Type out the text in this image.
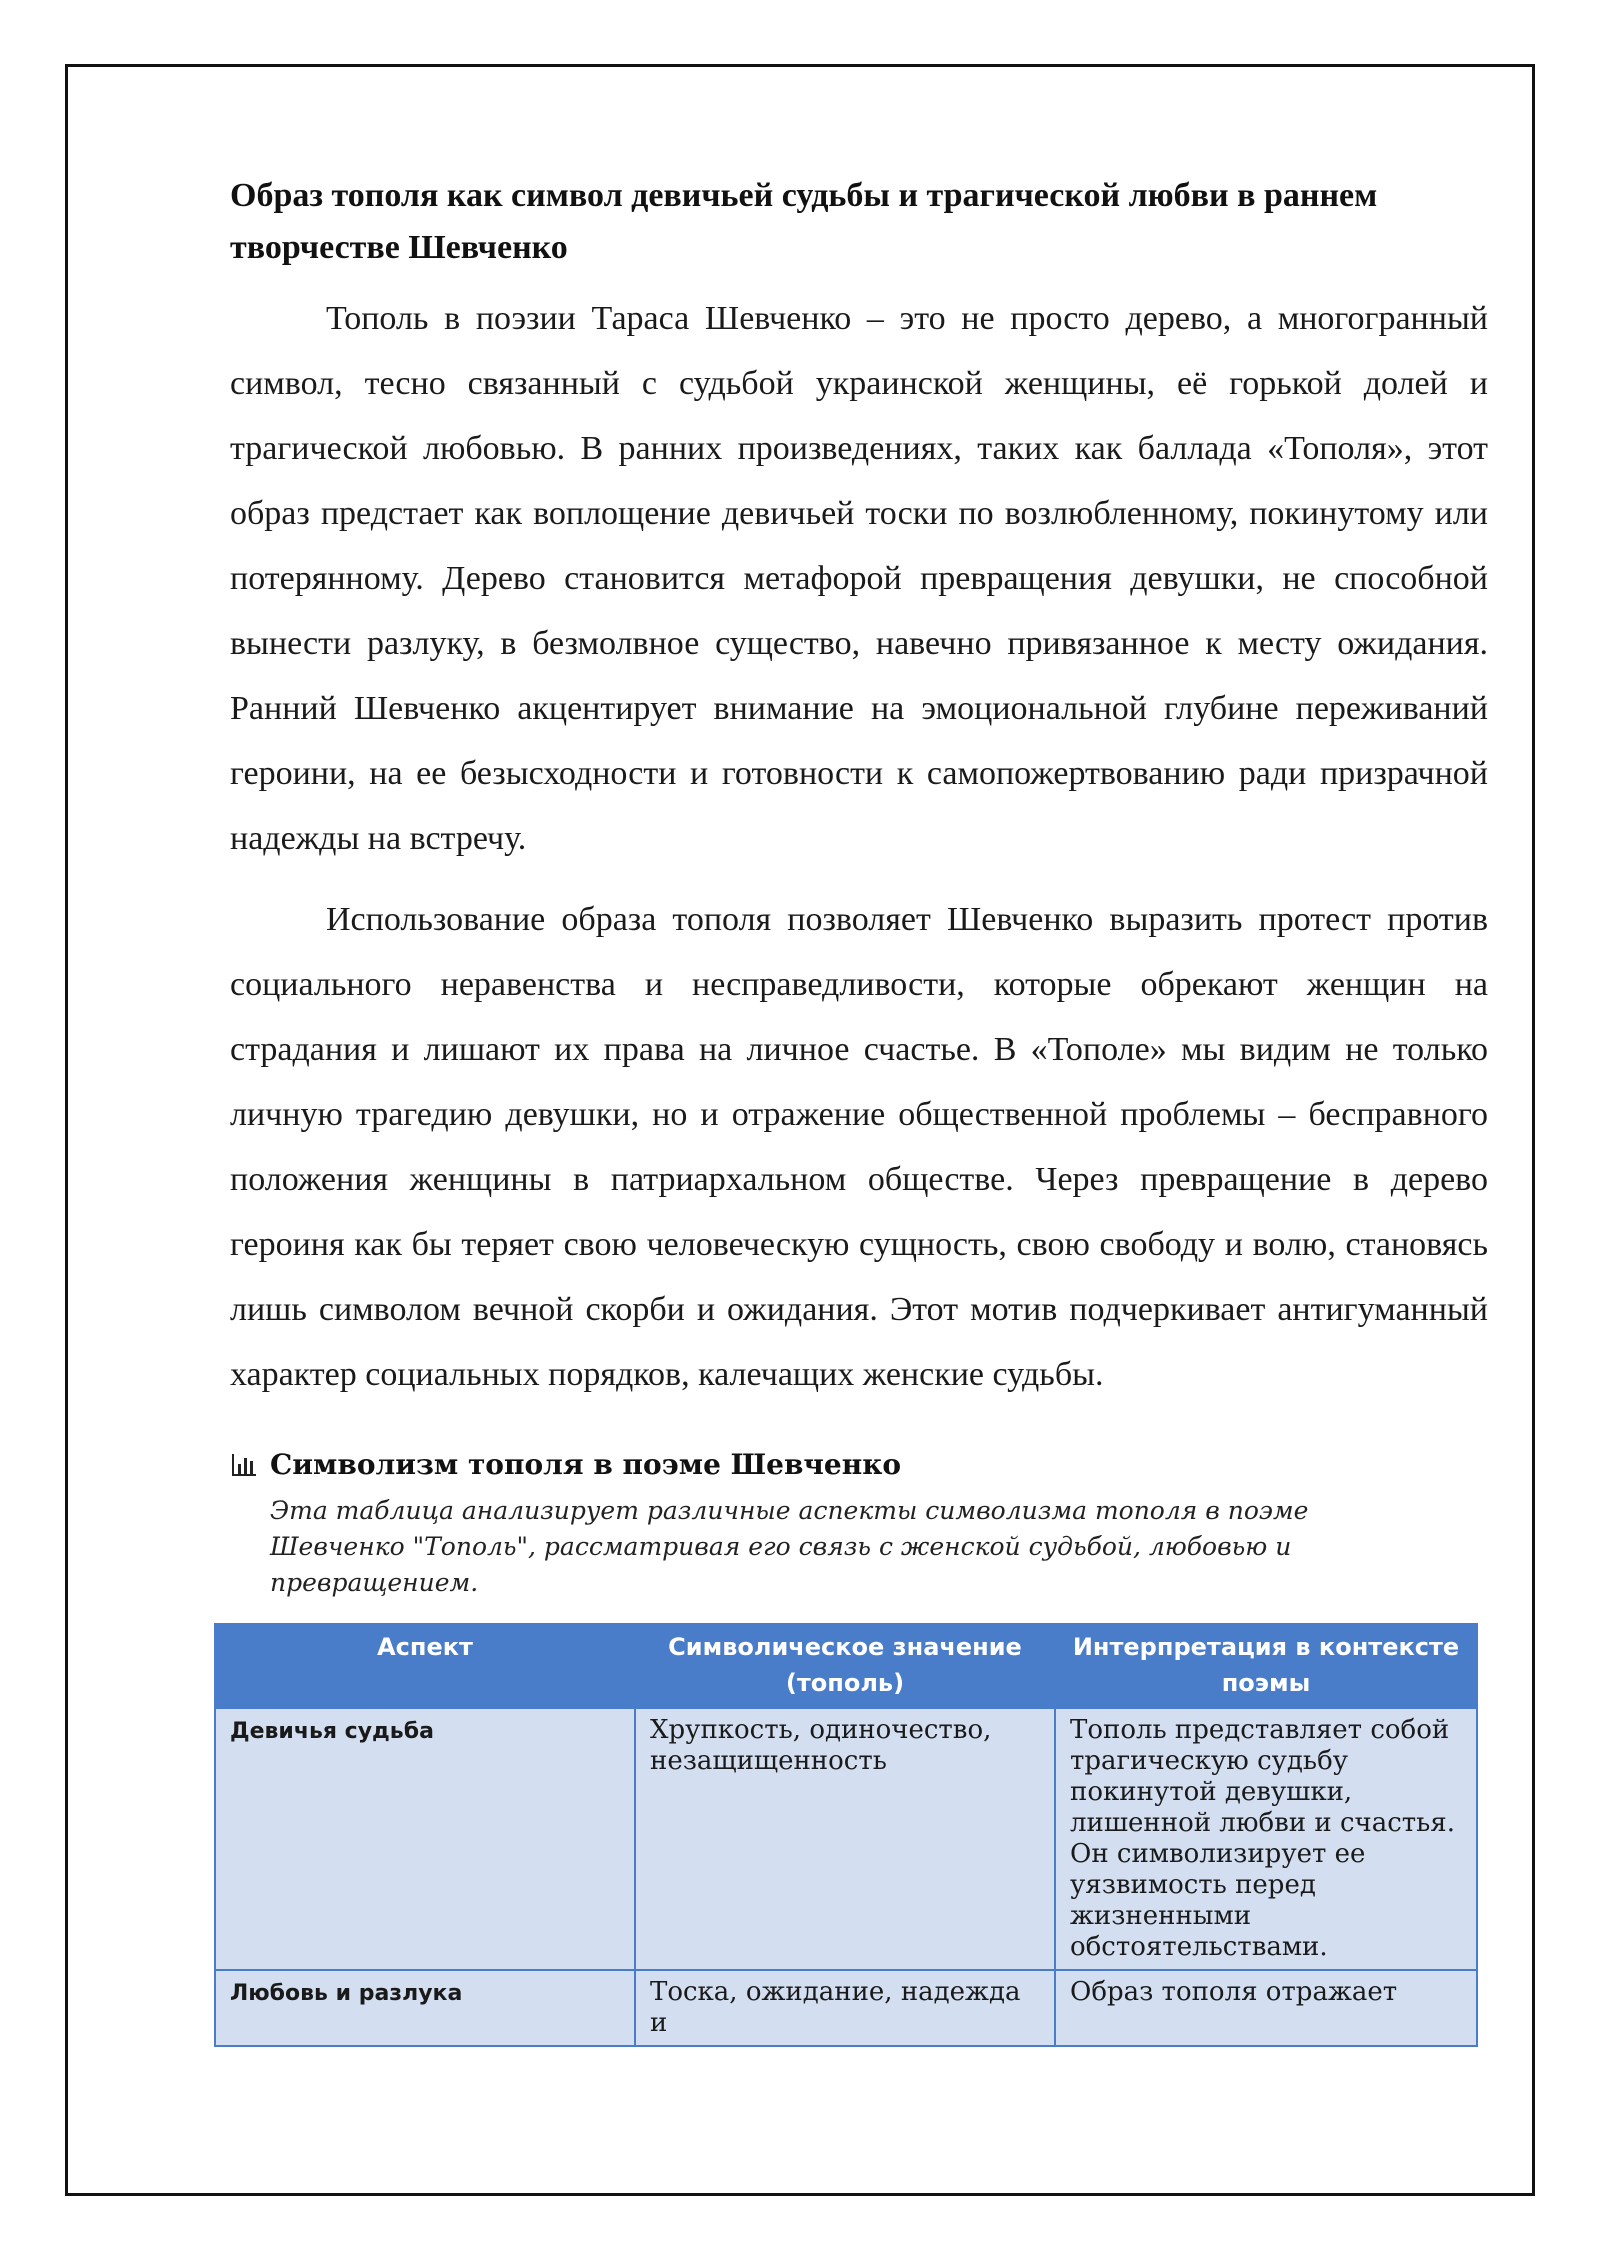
Образ тополя как символ девичьей судьбы и трагической любви в раннем творчестве Шевченко

Тополь в поэзии Тараса Шевченко – это не просто дерево, а многогранный символ, тесно связанный с судьбой украинской женщины, её горькой долей и трагической любовью. В ранних произведениях, таких как баллада «Тополя», этот образ предстает как воплощение девичьей тоски по возлюбленному, покинутому или потерянному. Дерево становится метафорой превращения девушки, не способной вынести разлуку, в безмолвное существо, навечно привязанное к месту ожидания. Ранний Шевченко акцентирует внимание на эмоциональной глубине переживаний героини, на ее безысходности и готовности к самопожертвованию ради призрачной надежды на встречу.

Использование образа тополя позволяет Шевченко выразить протест против социального неравенства и несправедливости, которые обрекают женщин на страдания и лишают их права на личное счастье. В «Тополе» мы видим не только личную трагедию девушки, но и отражение общественной проблемы – бесправного положения женщины в патриархальном обществе. Через превращение в дерево героиня как бы теряет свою человеческую сущность, свою свободу и волю, становясь лишь символом вечной скорби и ожидания. Этот мотив подчеркивает антигуманный характер социальных порядков, калечащих женские судьбы.

Символизм тополя в поэме Шевченко
Эта таблица анализирует различные аспекты символизма тополя в поэме Шевченко "Тополь", рассматривая его связь с женской судьбой, любовью и превращением.
Аспект	Символическое значение (тополь)	Интерпретация в контексте поэмы
Девичья судьба	Хрупкость, одиночество, незащищенность	Тополь представляет собой трагическую судьбу покинутой девушки, лишенной любви и счастья. Он символизирует ее уязвимость перед жизненными обстоятельствами.
Любовь и разлука	Тоска, ожидание, надежда и	Образ тополя отражает
